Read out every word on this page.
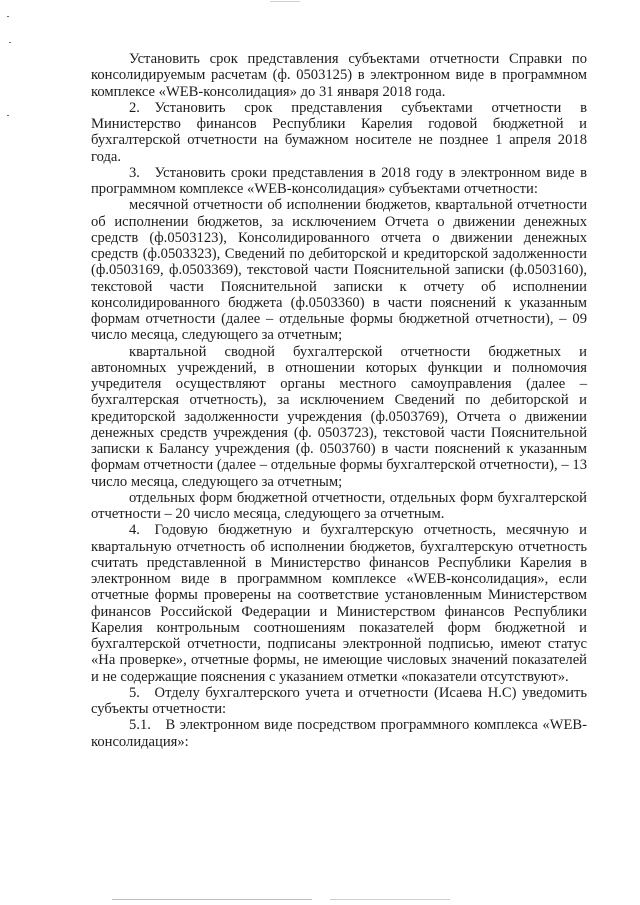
Установить срок представления субъектами отчетности Справки по консолидируемым расчетам (ф. 0503125) в электронном виде в программном комплексе «WEB-консолидация» до 31 января 2018 года.

2. Установить срок представления субъектами отчетности в Министерство финансов Республики Карелия годовой бюджетной и бухгалтерской отчетности на бумажном носителе не позднее 1 апреля 2018 года.

3. Установить сроки представления в 2018 году в электронном виде в программном комплексе «WEB-консолидация» субъектами отчетности:

месячной отчетности об исполнении бюджетов, квартальной отчетности об исполнении бюджетов, за исключением Отчета о движении денежных средств (ф.0503123), Консолидированного отчета о движении денежных средств (ф.0503323), Сведений по дебиторской и кредиторской задолженности (ф.0503169, ф.0503369), текстовой части Пояснительной записки (ф.0503160), текстовой части Пояснительной записки к отчету об исполнении консолидированного бюджета (ф.0503360) в части пояснений к указанным формам отчетности (далее – отдельные формы бюджетной отчетности), – 09 число месяца, следующего за отчетным;

квартальной сводной бухгалтерской отчетности бюджетных и автономных учреждений, в отношении которых функции и полномочия учредителя осуществляют органы местного самоуправления (далее – бухгалтерская отчетность), за исключением Сведений по дебиторской и кредиторской задолженности учреждения (ф.0503769), Отчета о движении денежных средств учреждения (ф. 0503723), текстовой части Пояснительной записки к Балансу учреждения (ф. 0503760) в части пояснений к указанным формам отчетности (далее – отдельные формы бухгалтерской отчетности), – 13 число месяца, следующего за отчетным;

отдельных форм бюджетной отчетности, отдельных форм бухгалтерской отчетности – 20 число месяца, следующего за отчетным.

4. Годовую бюджетную и бухгалтерскую отчетность, месячную и квартальную отчетность об исполнении бюджетов, бухгалтерскую отчетность считать представленной в Министерство финансов Республики Карелия в электронном виде в программном комплексе «WEB-консолидация», если отчетные формы проверены на соответствие установленным Министерством финансов Российской Федерации и Министерством финансов Республики Карелия контрольным соотношениям показателей форм бюджетной и бухгалтерской отчетности, подписаны электронной подписью, имеют статус «На проверке», отчетные формы, не имеющие числовых значений показателей и не содержащие пояснения с указанием отметки «показатели отсутствуют».

5. Отделу бухгалтерского учета и отчетности (Исаева Н.С) уведомить субъекты отчетности:

5.1. В электронном виде посредством программного комплекса «WEB-консолидация»:
